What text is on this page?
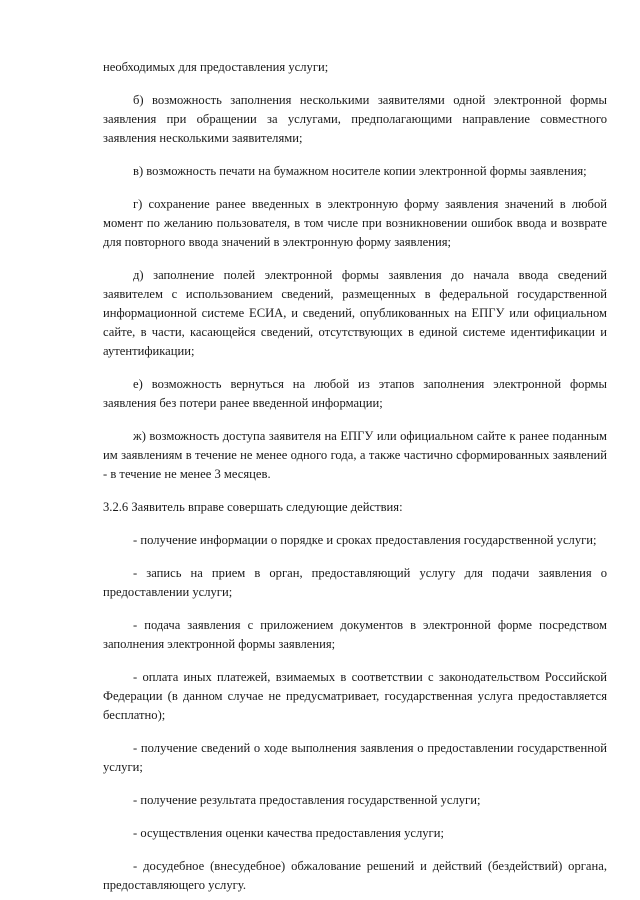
необходимых для предоставления услуги;

б) возможность заполнения несколькими заявителями одной электронной формы заявления при обращении за услугами, предполагающими направление совместного заявления несколькими заявителями;

в) возможность печати на бумажном носителе копии электронной формы заявления;

г) сохранение ранее введенных в электронную форму заявления значений в любой момент по желанию пользователя, в том числе при возникновении ошибок ввода и возврате для повторного ввода значений в электронную форму заявления;

д) заполнение полей электронной формы заявления до начала ввода сведений заявителем с использованием сведений, размещенных в федеральной государственной информационной системе ЕСИА, и сведений, опубликованных на ЕПГУ или официальном сайте, в части, касающейся сведений, отсутствующих в единой системе идентификации и аутентификации;

е) возможность вернуться на любой из этапов заполнения электронной формы заявления без потери ранее введенной информации;

ж) возможность доступа заявителя на ЕПГУ или официальном сайте к ранее поданным им заявлениям в течение не менее одного года, а также частично сформированных заявлений - в течение не менее 3 месяцев.

3.2.6 Заявитель вправе совершать следующие действия:

- получение информации о порядке и сроках предоставления государственной услуги;

- запись на прием в орган, предоставляющий услугу для подачи заявления о предоставлении услуги;

- подача заявления с приложением документов в электронной форме посредством заполнения электронной формы заявления;

- оплата иных платежей, взимаемых в соответствии с законодательством Российской Федерации (в данном случае не предусматривает, государственная услуга предоставляется бесплатно);

- получение сведений о ходе выполнения заявления о предоставлении государственной услуги;

- получение результата предоставления государственной услуги;

- осуществления оценки качества предоставления услуги;

- досудебное (внесудебное) обжалование решений и действий (бездействий) органа, предоставляющего услугу.
